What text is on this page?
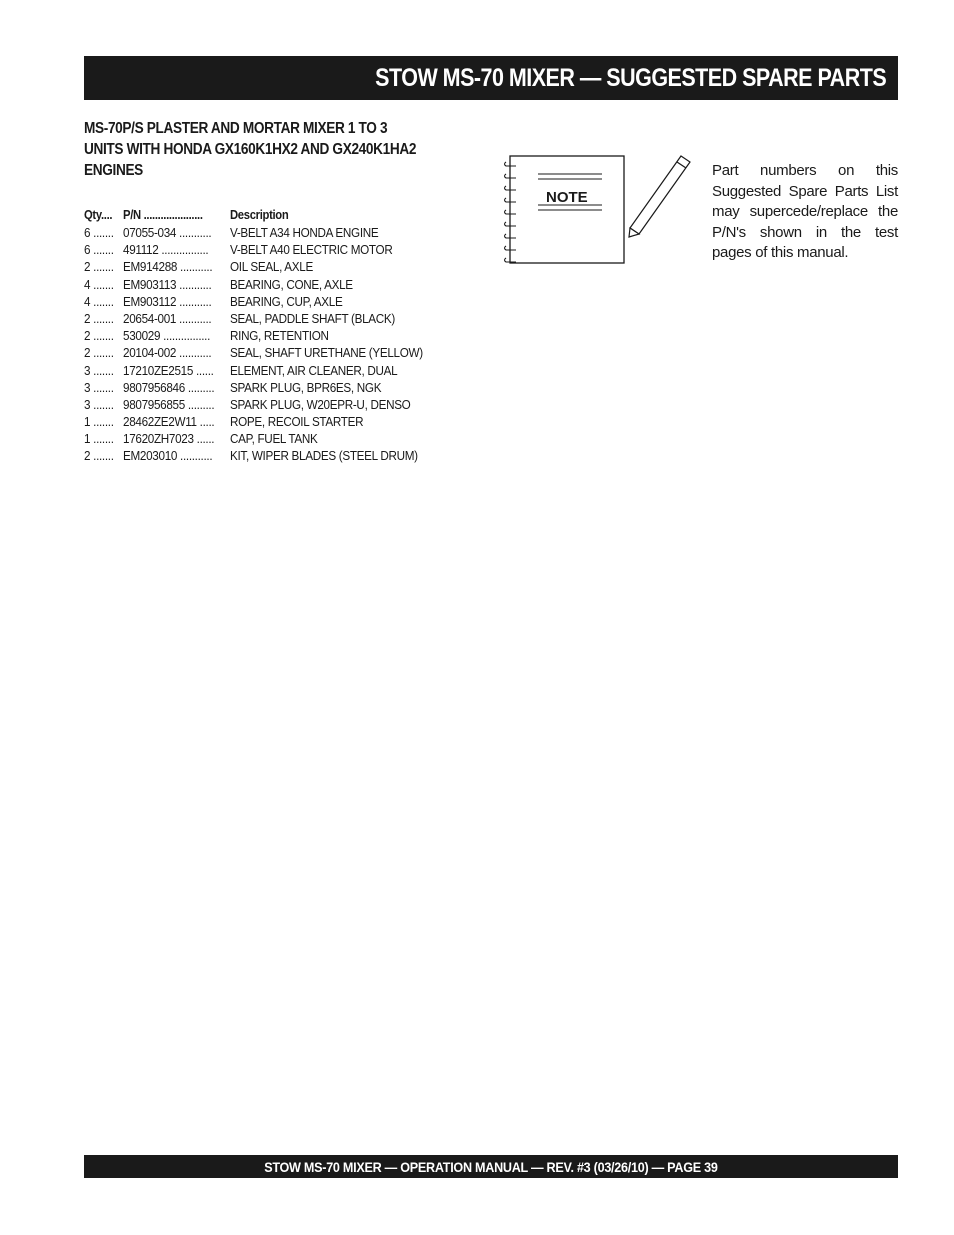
STOW MS-70 MIXER — SUGGESTED SPARE PARTS
MS-70P/S PLASTER AND MORTAR MIXER 1 TO 3
UNITS WITH HONDA GX160K1HX2 AND GX240K1HA2
ENGINES
Qty.... P/N .....................	Description
6 ....... 07055-034 ...........	V-BELT A34 HONDA ENGINE
6 ....... 491112 ................	V-BELT A40 ELECTRIC MOTOR
2 ....... EM914288 ...........	OIL SEAL, AXLE
4 ....... EM903113 ...........	BEARING, CONE, AXLE
4 ....... EM903112 ...........	BEARING, CUP, AXLE
2 ....... 20654-001 ...........	SEAL, PADDLE SHAFT (BLACK)
2 ....... 530029 ................	RING, RETENTION
2 ....... 20104-002 ...........	SEAL, SHAFT URETHANE (YELLOW)
3 ....... 17210ZE2515 ......	ELEMENT, AIR CLEANER, DUAL
3 ....... 9807956846 .........	SPARK PLUG, BPR6ES, NGK
3 ....... 9807956855 .........	SPARK PLUG, W20EPR-U, DENSO
1 ....... 28462ZE2W11 .....	ROPE, RECOIL STARTER
1 ....... 17620ZH7023 ......	CAP, FUEL TANK
2 ....... EM203010 ...........	KIT, WIPER BLADES (STEEL DRUM)
NOTE
Part numbers on this Suggested Spare Parts List may supercede/replace the P/N's shown in the test pages of this manual.
STOW MS-70 MIXER — OPERATION MANUAL — REV. #3 (03/26/10) — PAGE 39
